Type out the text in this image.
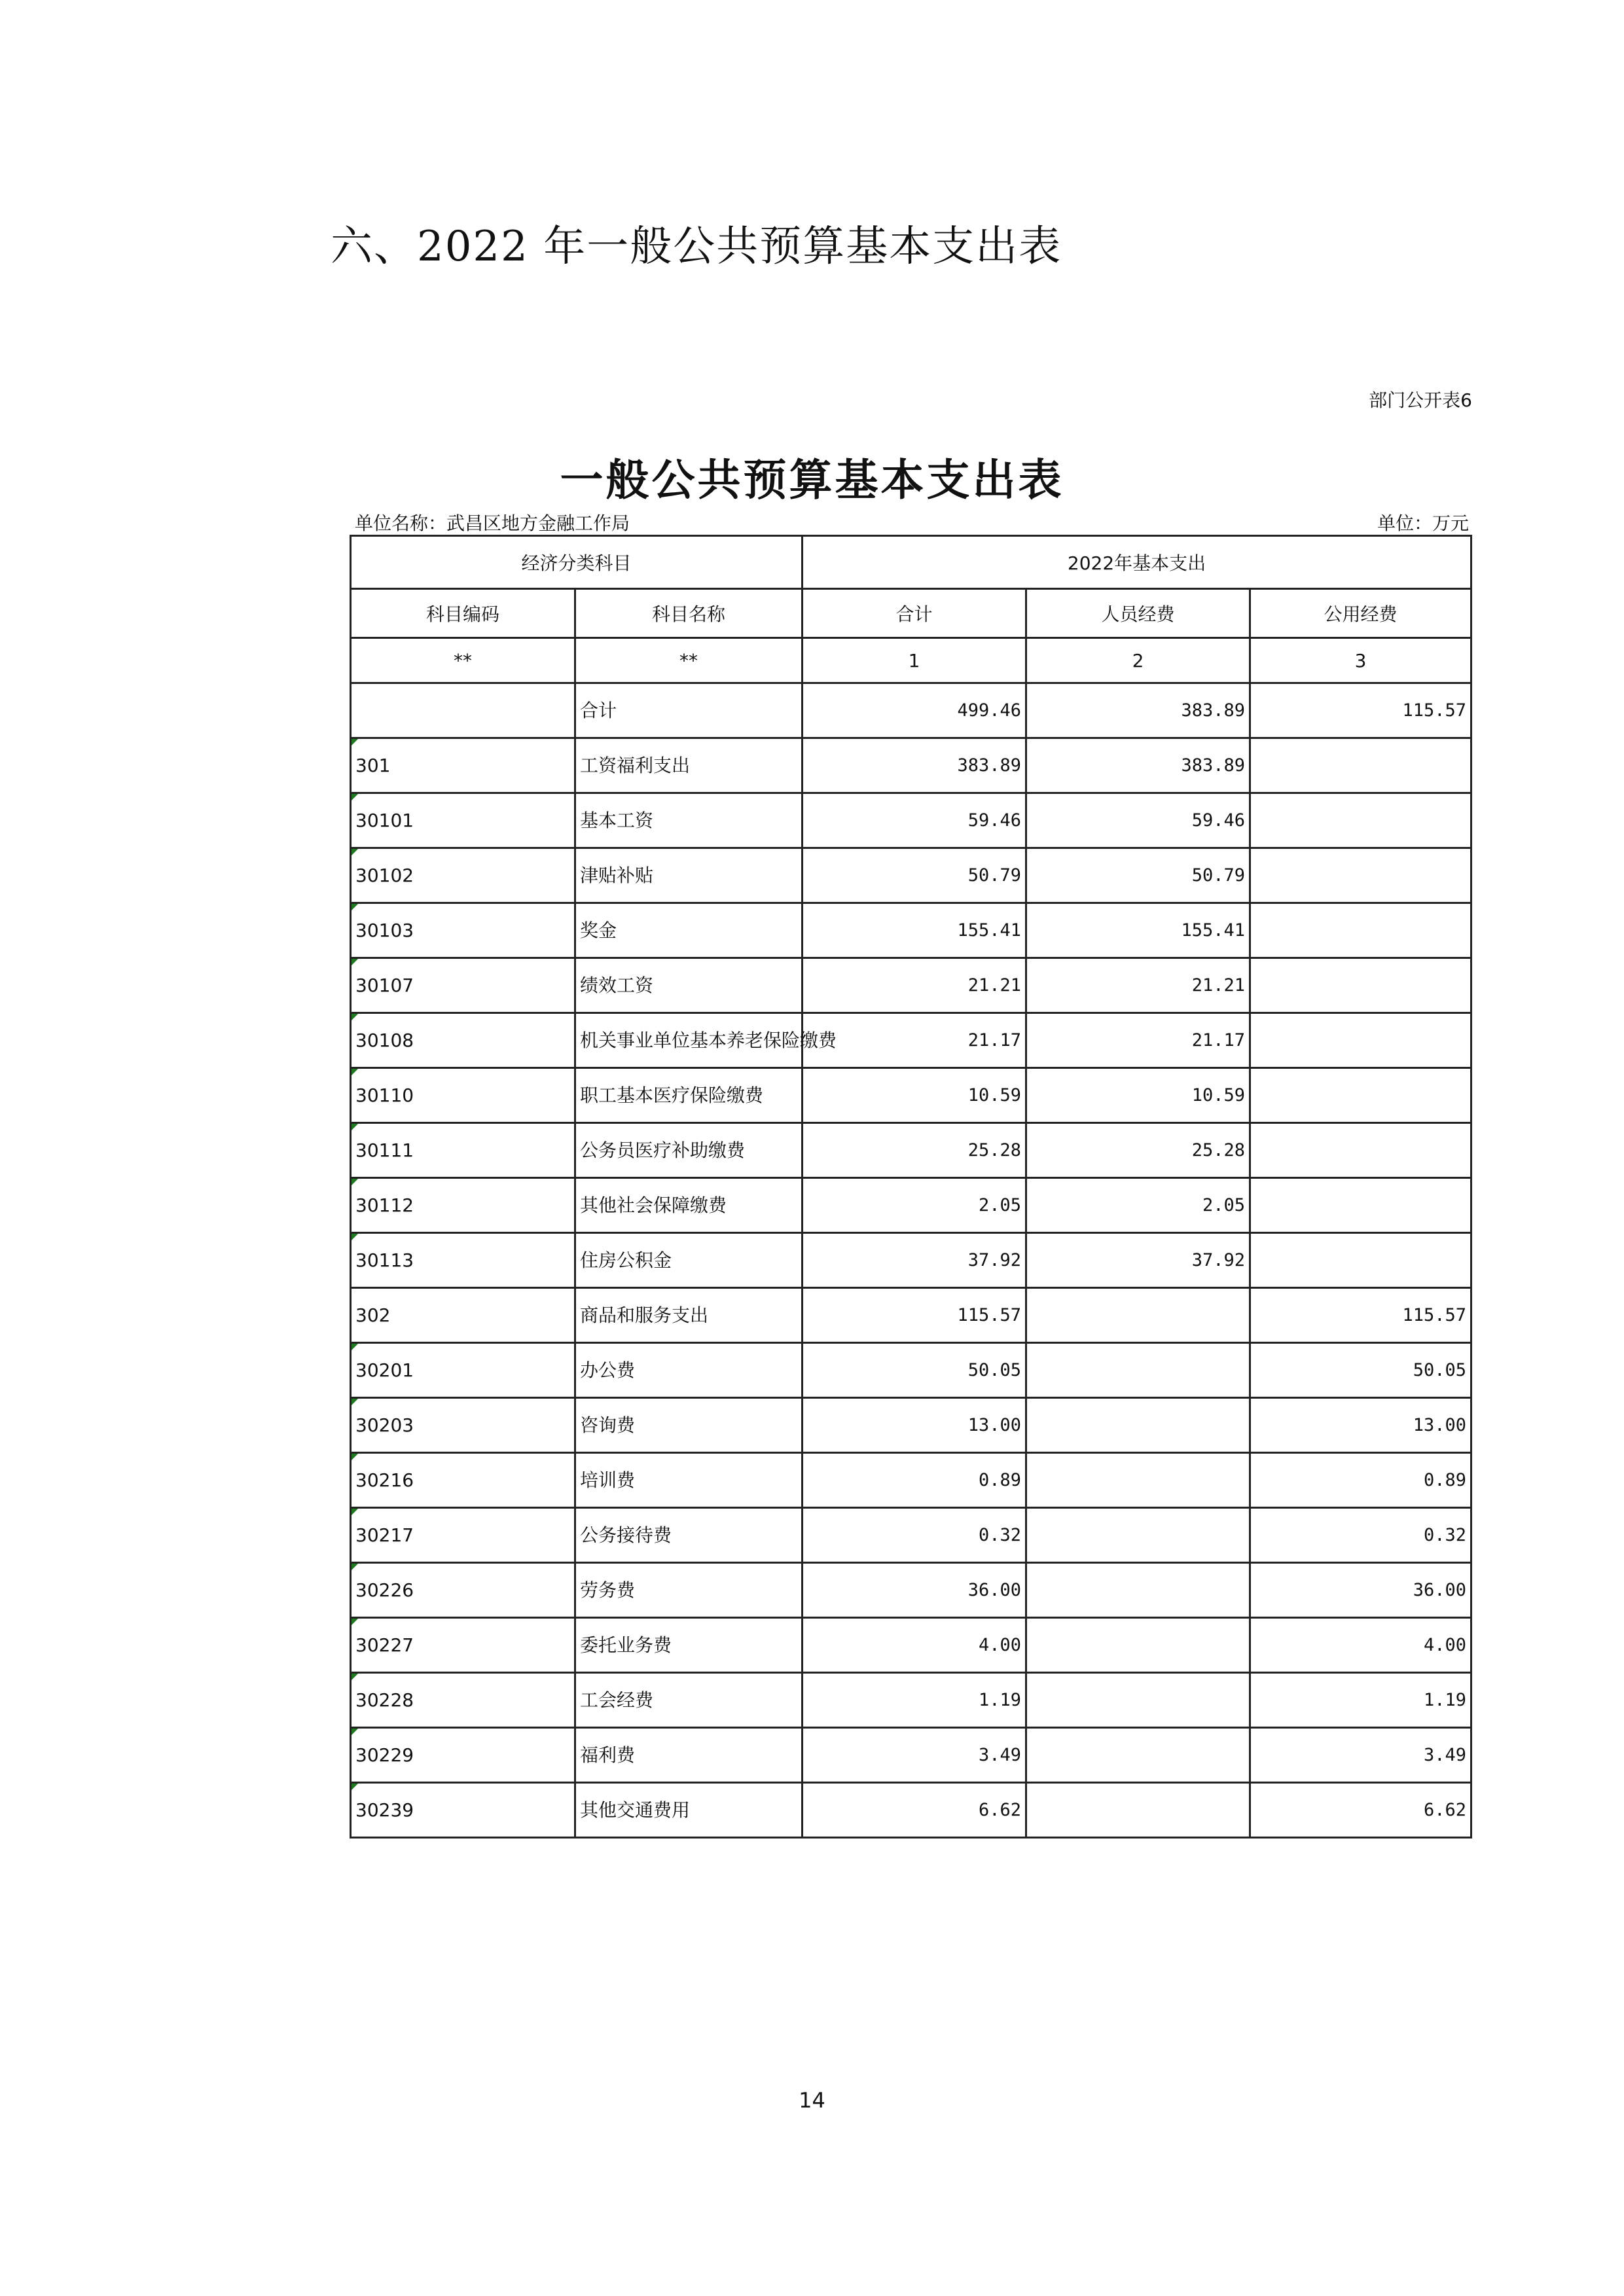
六、2022 年一般公共预算基本支出表
部门公开表6
一般公共预算基本支出表
单位名称：武昌区地方金融工作局	单位：万元
经济分类科目		2022年基本支出		
科目编码	科目名称	合计	人员经费	公用经费
**	**	1	2	3
	合计	499.46	383.89	115.57

301	工资福利支出	383.89	383.89	

30101	基本工资	59.46	59.46	

30102	津贴补贴	50.79	50.79	

30103	奖金	155.41	155.41	

30107	绩效工资	21.21	21.21	

30108	机关事业单位基本养老保险缴费	21.17	21.17	

30110	职工基本医疗保险缴费	10.59	10.59	

30111	公务员医疗补助缴费	25.28	25.28	

30112	其他社会保障缴费	2.05	2.05	

30113	住房公积金	37.92	37.92	
302	商品和服务支出	115.57		115.57

30201	办公费	50.05		50.05

30203	咨询费	13.00		13.00

30216	培训费	0.89		0.89

30217	公务接待费	0.32		0.32

30226	劳务费	36.00		36.00

30227	委托业务费	4.00		4.00

30228	工会经费	1.19		1.19

30229	福利费	3.49		3.49

30239	其他交通费用	6.62		6.62
14
